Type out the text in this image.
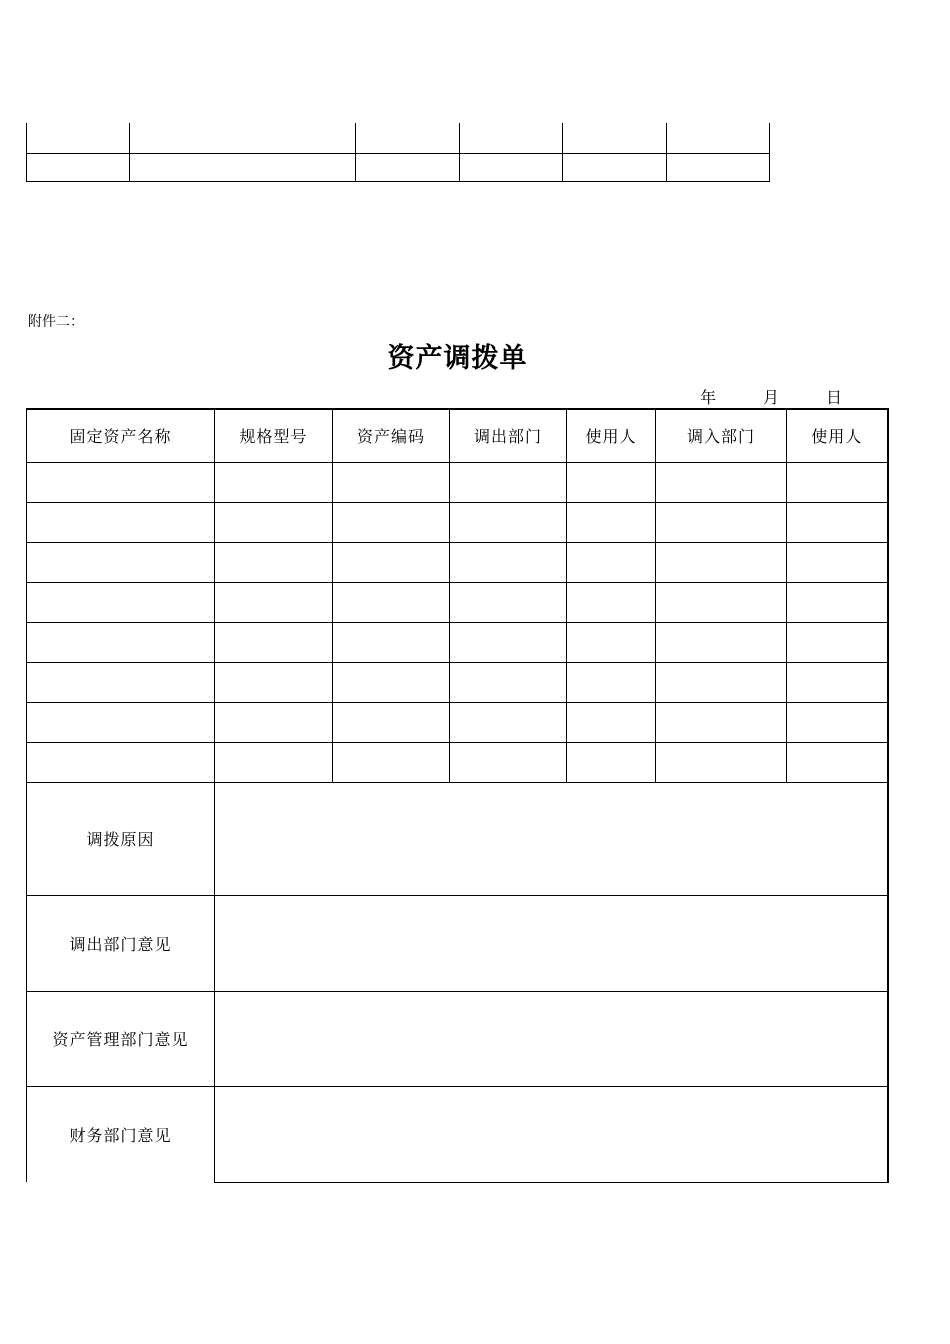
附件二：
资产调拨单
年	月	日
固定资产名称	规格型号	资产编码	调出部门	使用人	调入部门	使用人

调拨原因						
调出部门意见						
资产管理部门意见						
财务部门意见						
